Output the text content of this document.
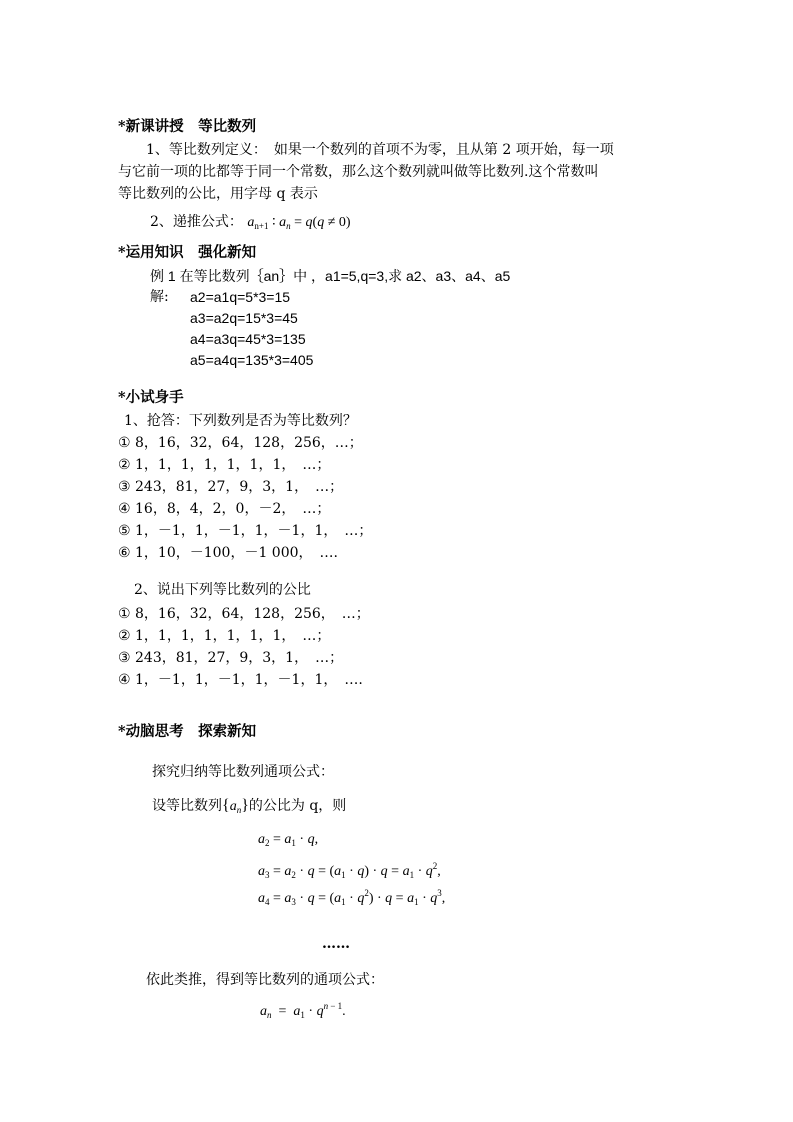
*新课讲授　等比数列
1、等比数列定义：　如果一个数列的首项不为零，且从第 2 项开始，每一项
与它前一项的比都等于同一个常数，那么这个数列就叫做等比数列.这个常数叫
等比数列的公比，用字母 q 表示
2、递推公式： $a_{n+1}$ ∶ $a_n = q(q \ne 0)$
*运用知识　强化新知
例 1 在等比数列｛an｝中 ，a1=5,q=3,求 a2、a3、a4、a5
解: a2=a1q=5*3=15
a3=a2q=15*3=45
a4=a3q=45*3=135
a5=a4q=135*3=405
*小试身手
1、抢答：下列数列是否为等比数列？
① 8，16，32，64，128，256，…；
② 1，1，1，1，1，1，1，　…；
③ 243，81，27，9，3，1，　…；
④ 16，8，4，2，0，－2，　…；
⑤ 1，－1，1，－1，1，－1，1，　…；
⑥ 1，10，－100，－1 000，　….
2、说出下列等比数列的公比
① 8，16，32，64，128，256，　…；
② 1，1，1，1，1，1，1，　…；
③ 243，81，27，9，3，1，　…；
④ 1，－1，1，－1，1，－1，1，　….
*动脑思考　探索新知
探究归纳等比数列通项公式：
设等比数列$\{a_n\}$的公比为 q，则
$a_2 = a_1 \cdot q$,
$a_3 = a_2 \cdot q = (a_1 \cdot q) \cdot q = a_1 \cdot q^2$,
$a_4 = a_3 \cdot q = (a_1 \cdot q^2) \cdot q = a_1 \cdot q^3$,
……
依此类推，得到等比数列的通项公式：
$a_n = a_1 \cdot q^{n - 1}$.
